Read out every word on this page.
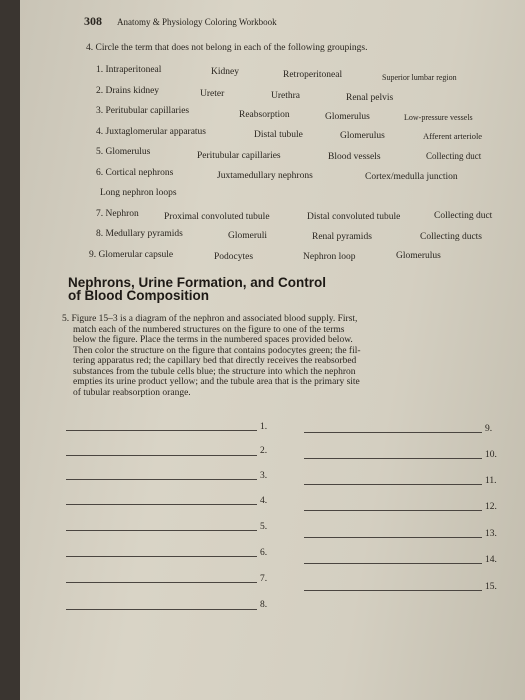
308 Anatomy & Physiology Coloring Workbook
4. Circle the term that does not belong in each of the following groupings.
1. Intraperitoneal	Kidney	Retroperitoneal	Superior lumbar region
2. Drains kidney	Ureter	Urethra	Renal pelvis
3. Peritubular capillaries	Reabsorption	Glomerulus	Low-pressure vessels
4. Juxtaglomerular apparatus	Distal tubule	Glomerulus	Afferent arteriole
5. Glomerulus	Peritubular capillaries	Blood vessels	Collecting duct
6. Cortical nephrons	Juxtamedullary nephrons	Cortex/medulla junction
Long nephron loops
7. Nephron	Proximal convoluted tubule	Distal convoluted tubule	Collecting duct
8. Medullary pyramids	Glomeruli	Renal pyramids	Collecting ducts
9. Glomerular capsule	Podocytes	Nephron loop	Glomerulus
Nephrons, Urine Formation, and Control
of Blood Composition
5. Figure 15–3 is a diagram of the nephron and associated blood supply. First,
match each of the numbered structures on the figure to one of the terms
below the figure. Place the terms in the numbered spaces provided below.
Then color the structure on the figure that contains podocytes green; the fil-
tering apparatus red; the capillary bed that directly receives the reabsorbed
substances from the tubule cells blue; the structure into which the nephron
empties its urine product yellow; and the tubule area that is the primary site
of tubular reabsorption orange.
1.
2.
3.
4.
5.
6.
7.
8.
9.
10.
11.
12.
13.
14.
15.
